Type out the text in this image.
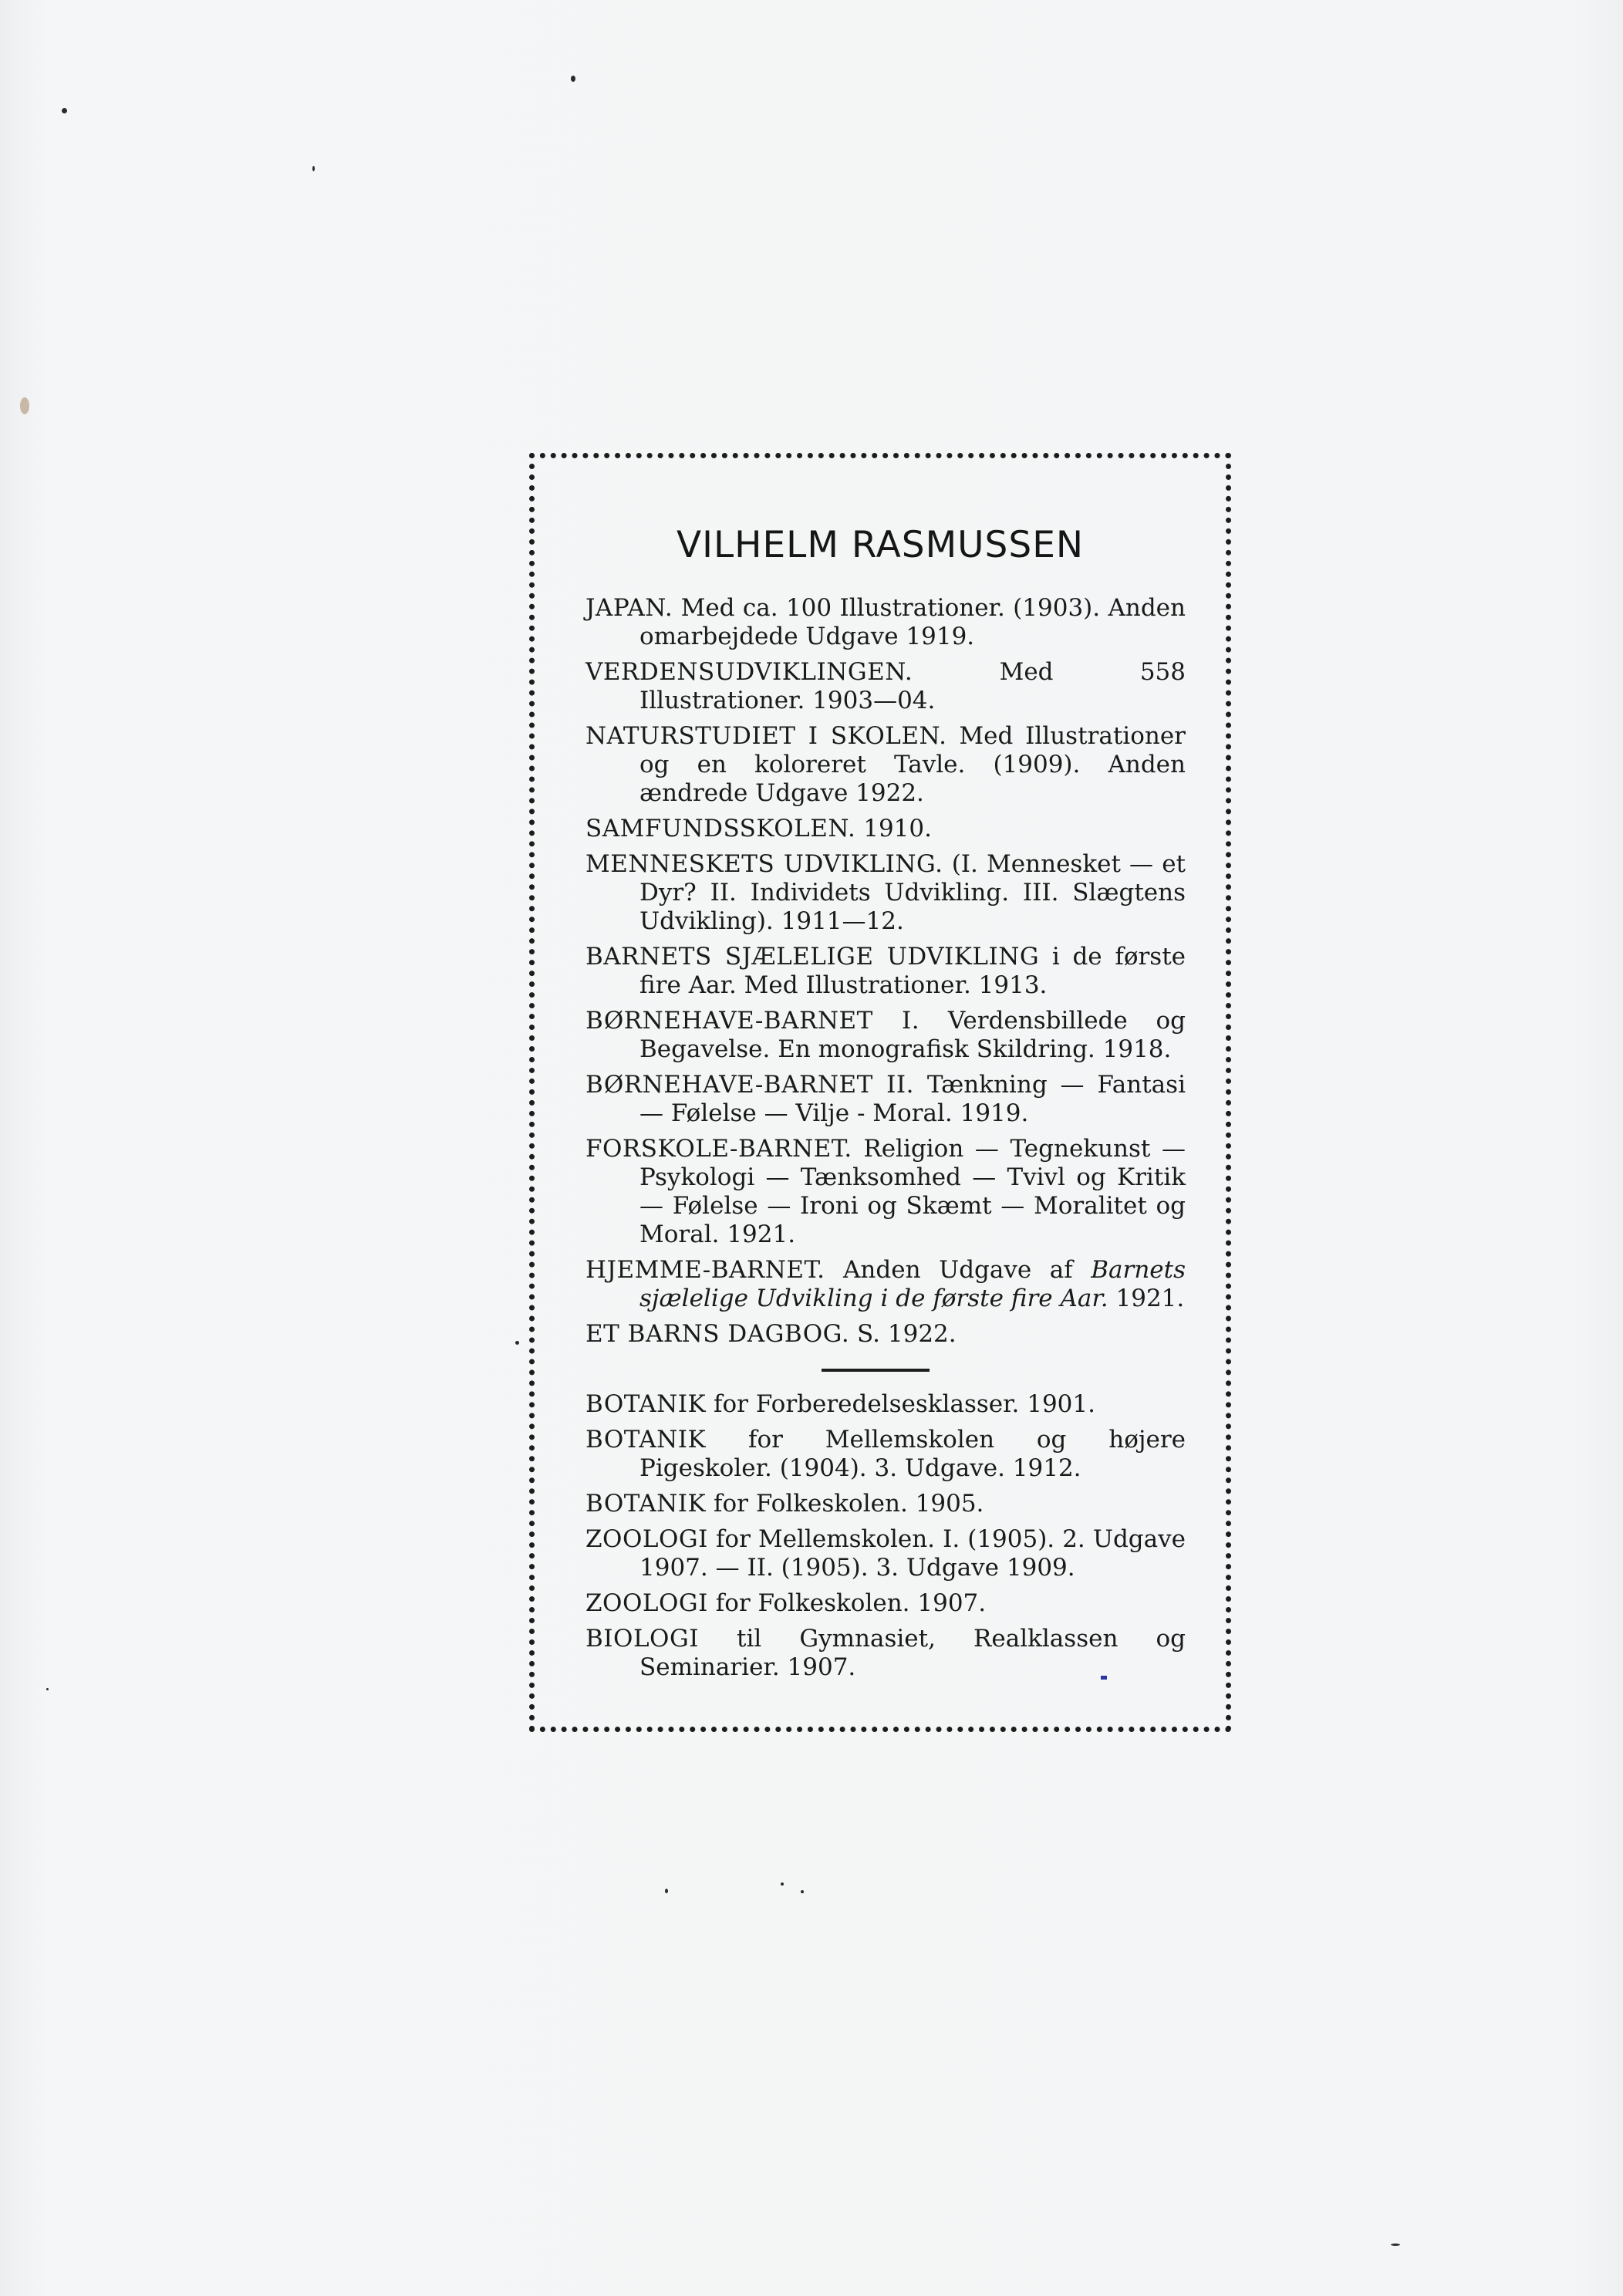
VILHELM RASMUSSEN
JAPAN. Med ca. 100 Illustrationer. (1903). Anden omarbejdede Udgave 1919.
VERDENSUDVIKLINGEN.	Med 558 Illustrationer. 1903—04.
NATURSTUDIET I SKOLEN. Med Illustrationer og en koloreret Tavle. (1909). Anden ændrede Udgave 1922.
SAMFUNDSSKOLEN. 1910.
MENNESKETS UDVIKLING. (I. Mennesket — et Dyr? II. Individets Udvikling. III. Slægtens Udvikling). 1911—12.
BARNETS SJÆLELIGE UDVIKLING i de første fire Aar. Med Illustrationer. 1913.
BØRNEHAVE-BARNET I. Verdensbillede og Begavelse. En monografisk Skildring. 1918.
BØRNEHAVE-BARNET II. Tænkning — Fantasi — Følelse — Vilje - Moral. 1919.
FORSKOLE-BARNET. Religion — Tegnekunst — Psykologi — Tænksomhed — Tvivl og Kritik — Følelse — Ironi og Skæmt — Moralitet og Moral. 1921.
HJEMME-BARNET. Anden Udgave af Barnets sjælelige Udvikling i de første fire Aar. 1921.
ET BARNS DAGBOG. S. 1922.
BOTANIK for Forberedelsesklasser. 1901.
BOTANIK for Mellemskolen og højere Pigeskoler. (1904). 3. Udgave. 1912.
BOTANIK for Folkeskolen. 1905.
ZOOLOGI for Mellemskolen. I. (1905). 2. Udgave 1907. — II. (1905). 3. Udgave 1909.
ZOOLOGI for Folkeskolen. 1907.
BIOLOGI til Gymnasiet, Realklassen og Seminarier. 1907.
